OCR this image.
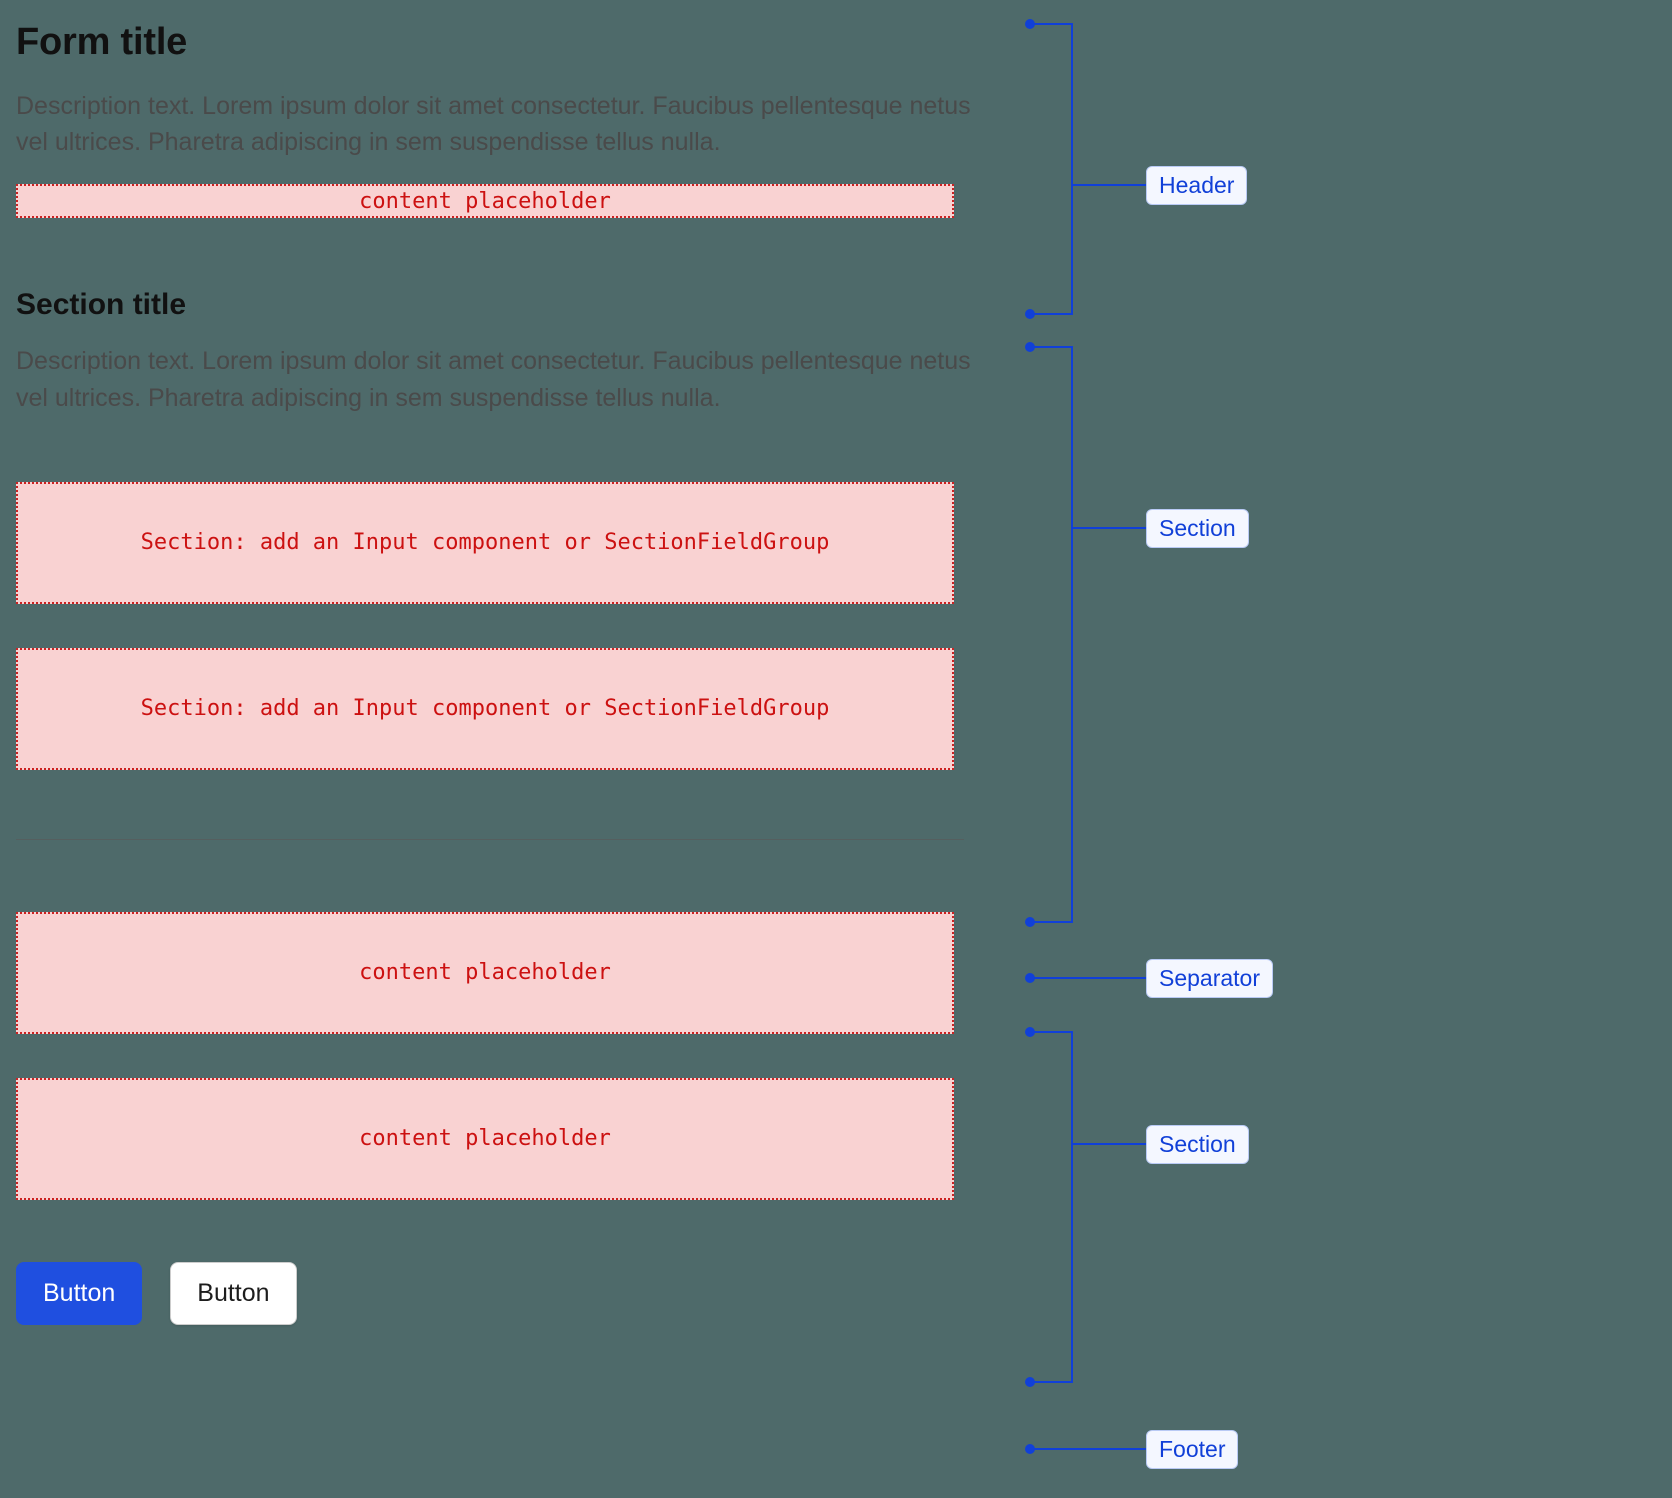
Form title

Description text. Lorem ipsum dolor sit amet consectetur. Faucibus pellentesque netus vel ultrices. Pharetra adipiscing in sem suspendisse tellus nulla.

content placeholder
Section title

Description text. Lorem ipsum dolor sit amet consectetur. Faucibus pellentesque netus vel ultrices. Pharetra adipiscing in sem suspendisse tellus nulla.

Section: add an Input component or SectionFieldGroup
Section: add an Input component or SectionFieldGroup
content placeholder
content placeholder
Button	Button
Header
Section
Separator
Section
Footer
